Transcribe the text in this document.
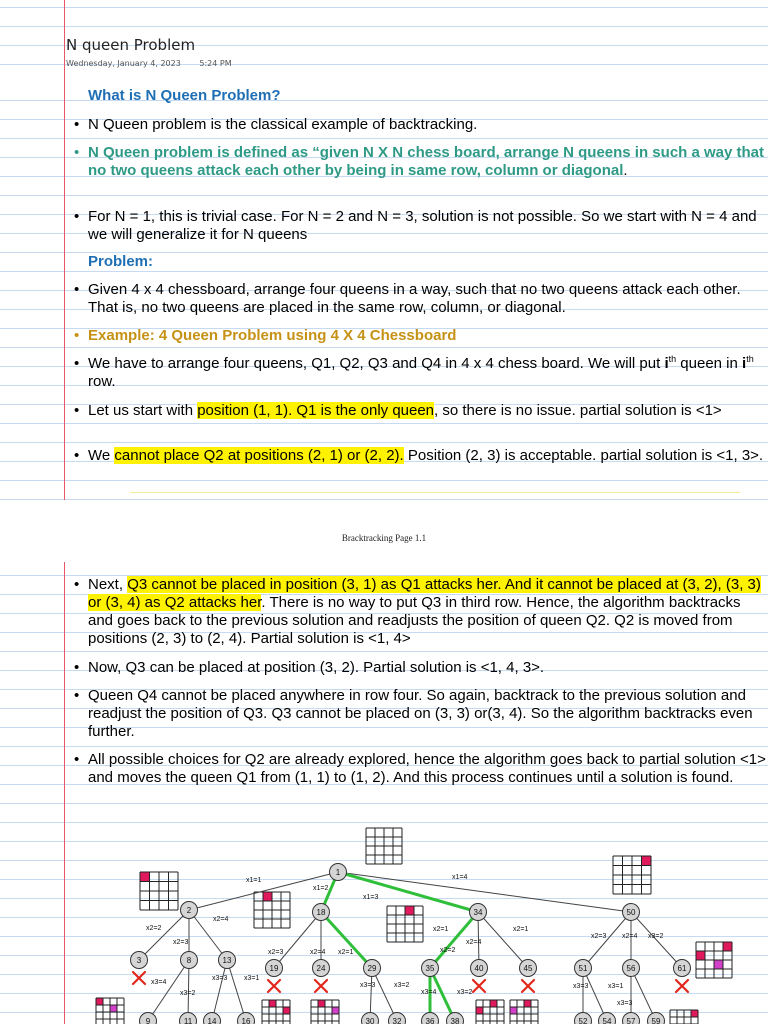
N queen Problem
Wednesday, January 4, 2023 5:24 PM
What is N Queen Problem?
• N Queen problem is the classical example of backtracking.
• N Queen problem is defined as “given N X N chess board, arrange N queens in such a way that no two queens attack each other by being in same row, column or diagonal.
• For N = 1, this is trivial case. For N = 2 and N = 3, solution is not possible. So we start with N = 4 and we will generalize it for N queens
Problem:
• Given 4 x 4 chessboard, arrange four queens in a way, such that no two queens attack each other. That is, no two queens are placed in the same row, column, or diagonal.
• Example: 4 Queen Problem using 4 X 4 Chessboard
• We have to arrange four queens, Q1, Q2, Q3 and Q4 in 4 x 4 chess board. We will put $i^{th}$ queen in $i^{th}$ row.
• Let us start with position (1, 1). Q1 is the only queen, so there is no issue. partial solution is <1>
• We cannot place Q2 at positions (2, 1) or (2, 2). Position (2, 3) is acceptable. partial solution is <1, 3>.
Bracktracking Page 1.1
• Next, Q3 cannot be placed in position (3, 1) as Q1 attacks her. And it cannot be placed at (3, 2), (3, 3) or (3, 4) as Q2 attacks her. There is no way to put Q3 in third row. Hence, the algorithm backtracks and goes back to the previous solution and readjusts the position of queen Q2. Q2 is moved from positions (2, 3) to (2, 4). Partial solution is <1, 4>
• Now, Q3 can be placed at position (3, 2). Partial solution is <1, 4, 3>.
• Queen Q4 cannot be placed anywhere in row four. So again, backtrack to the previous solution and readjust the position of Q3. Q3 cannot be placed on (3, 3) or(3, 4). So the algorithm backtracks even further.
• All possible choices for Q2 are already explored, hence the algorithm goes back to partial solution <1> and moves the queen Q1 from (1, 1) to (1, 2). And this process continues until a solution is found.
x1=1	x1=4
x1=2
x1=3
x2=2
x2=4
x2=3
x2=1
x2=3	x2=4 x2=1	x2=2
x2=4
x2=1
x2=3 x2=4 x3=2
x3=4
x3=2
x3=3 x3=1
x3=3	x3=2
x3=4	x3=2
x3=3	x3=1
x3=3
1
2	18	34	50
3	8	13
19	24	29	35	40	45	51	56	61
9	11 14	16	30 32	36 38	52 54 57 59
